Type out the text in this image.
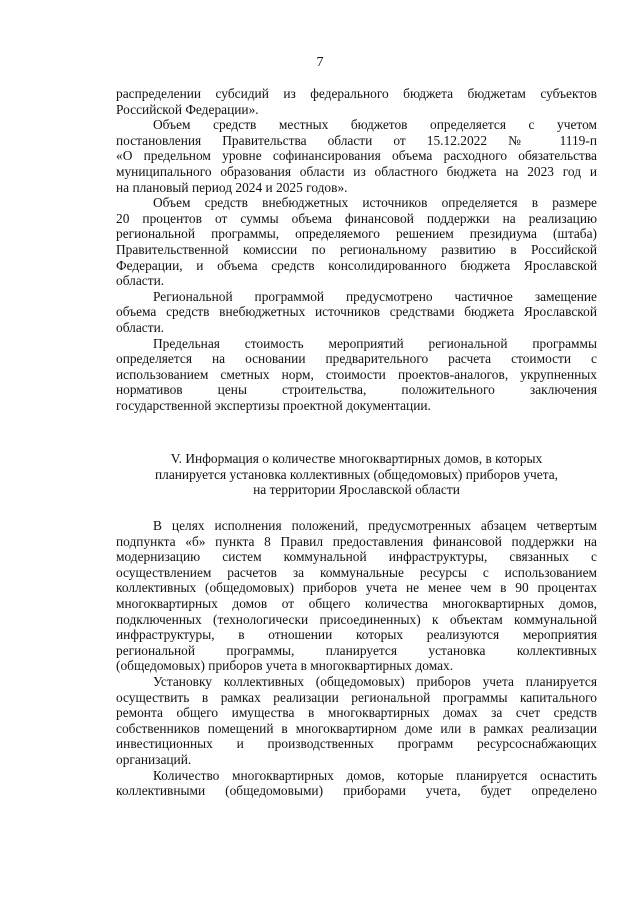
7
распределении субсидий из федерального бюджета бюджетам субъектов
Российской Федерации».
Объем средств местных бюджетов определяется с учетом
постановления Правительства области от 15.12.2022 № 1119-п
«О предельном уровне софинансирования объема расходного обязательства
муниципального образования области из областного бюджета на 2023 год и
на плановый период 2024 и 2025 годов».
Объем средств внебюджетных источников определяется в размере
20 процентов от суммы объема финансовой поддержки на реализацию
региональной программы, определяемого решением президиума (штаба)
Правительственной комиссии по региональному развитию в Российской
Федерации, и объема средств консолидированного бюджета Ярославской
области.
Региональной программой предусмотрено частичное замещение
объема средств внебюджетных источников средствами бюджета Ярославской
области.
Предельная стоимость мероприятий региональной программы
определяется на основании предварительного расчета стоимости с
использованием сметных норм, стоимости проектов-аналогов, укрупненных
нормативов цены строительства, положительного заключения
государственной экспертизы проектной документации.
V. Информация о количестве многоквартирных домов, в которых
планируется установка коллективных (общедомовых) приборов учета,
на территории Ярославской области
В целях исполнения положений, предусмотренных абзацем четвертым
подпункта «б» пункта 8 Правил предоставления финансовой поддержки на
модернизацию систем коммунальной инфраструктуры, связанных с
осуществлением расчетов за коммунальные ресурсы с использованием
коллективных (общедомовых) приборов учета не менее чем в 90 процентах
многоквартирных домов от общего количества многоквартирных домов,
подключенных (технологически присоединенных) к объектам коммунальной
инфраструктуры, в отношении которых реализуются мероприятия
региональной программы, планируется установка коллективных
(общедомовых) приборов учета в многоквартирных домах.
Установку коллективных (общедомовых) приборов учета планируется
осуществить в рамках реализации региональной программы капитального
ремонта общего имущества в многоквартирных домах за счет средств
собственников помещений в многоквартирном доме или в рамках реализации
инвестиционных и производственных программ ресурсоснабжающих
организаций.
Количество многоквартирных домов, которые планируется оснастить
коллективными (общедомовыми) приборами учета, будет определено
